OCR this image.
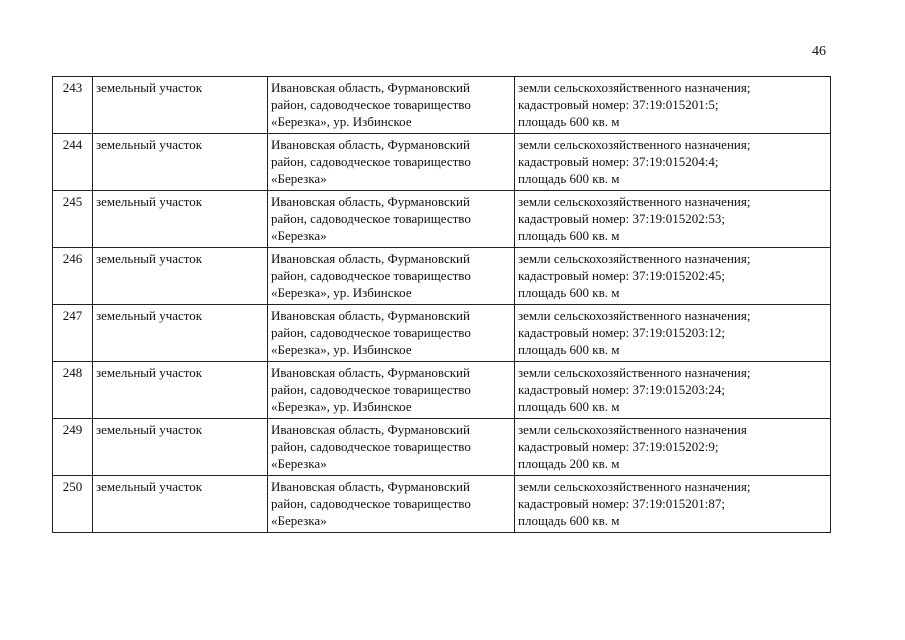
46
243	земельный участок	Ивановская область, Фурмановский
район, садоводческое товарищество
«Березка», ур. Избинское	земли сельскохозяйственного назначения;
кадастровый номер: 37:19:015201:5;
площадь 600 кв. м

244	земельный участок	Ивановская область, Фурмановский
район, садоводческое товарищество
«Березка»	земли сельскохозяйственного назначения;
кадастровый номер: 37:19:015204:4;
площадь 600 кв. м

245	земельный участок	Ивановская область, Фурмановский
район, садоводческое товарищество
«Березка»	земли сельскохозяйственного назначения;
кадастровый номер: 37:19:015202:53;
площадь 600 кв. м

246	земельный участок	Ивановская область, Фурмановский
район, садоводческое товарищество
«Березка», ур. Избинское	земли сельскохозяйственного назначения;
кадастровый номер: 37:19:015202:45;
площадь 600 кв. м

247	земельный участок	Ивановская область, Фурмановский
район, садоводческое товарищество
«Березка», ур. Избинское	земли сельскохозяйственного назначения;
кадастровый номер: 37:19:015203:12;
площадь 600 кв. м

248	земельный участок	Ивановская область, Фурмановский
район, садоводческое товарищество
«Березка», ур. Избинское	земли сельскохозяйственного назначения;
кадастровый номер: 37:19:015203:24;
площадь 600 кв. м

249	земельный участок	Ивановская область, Фурмановский
район, садоводческое товарищество
«Березка»	земли сельскохозяйственного назначения
кадастровый номер: 37:19:015202:9;
площадь 200 кв. м

250	земельный участок	Ивановская область, Фурмановский
район, садоводческое товарищество
«Березка»	земли сельскохозяйственного назначения;
кадастровый номер: 37:19:015201:87;
площадь 600 кв. м
